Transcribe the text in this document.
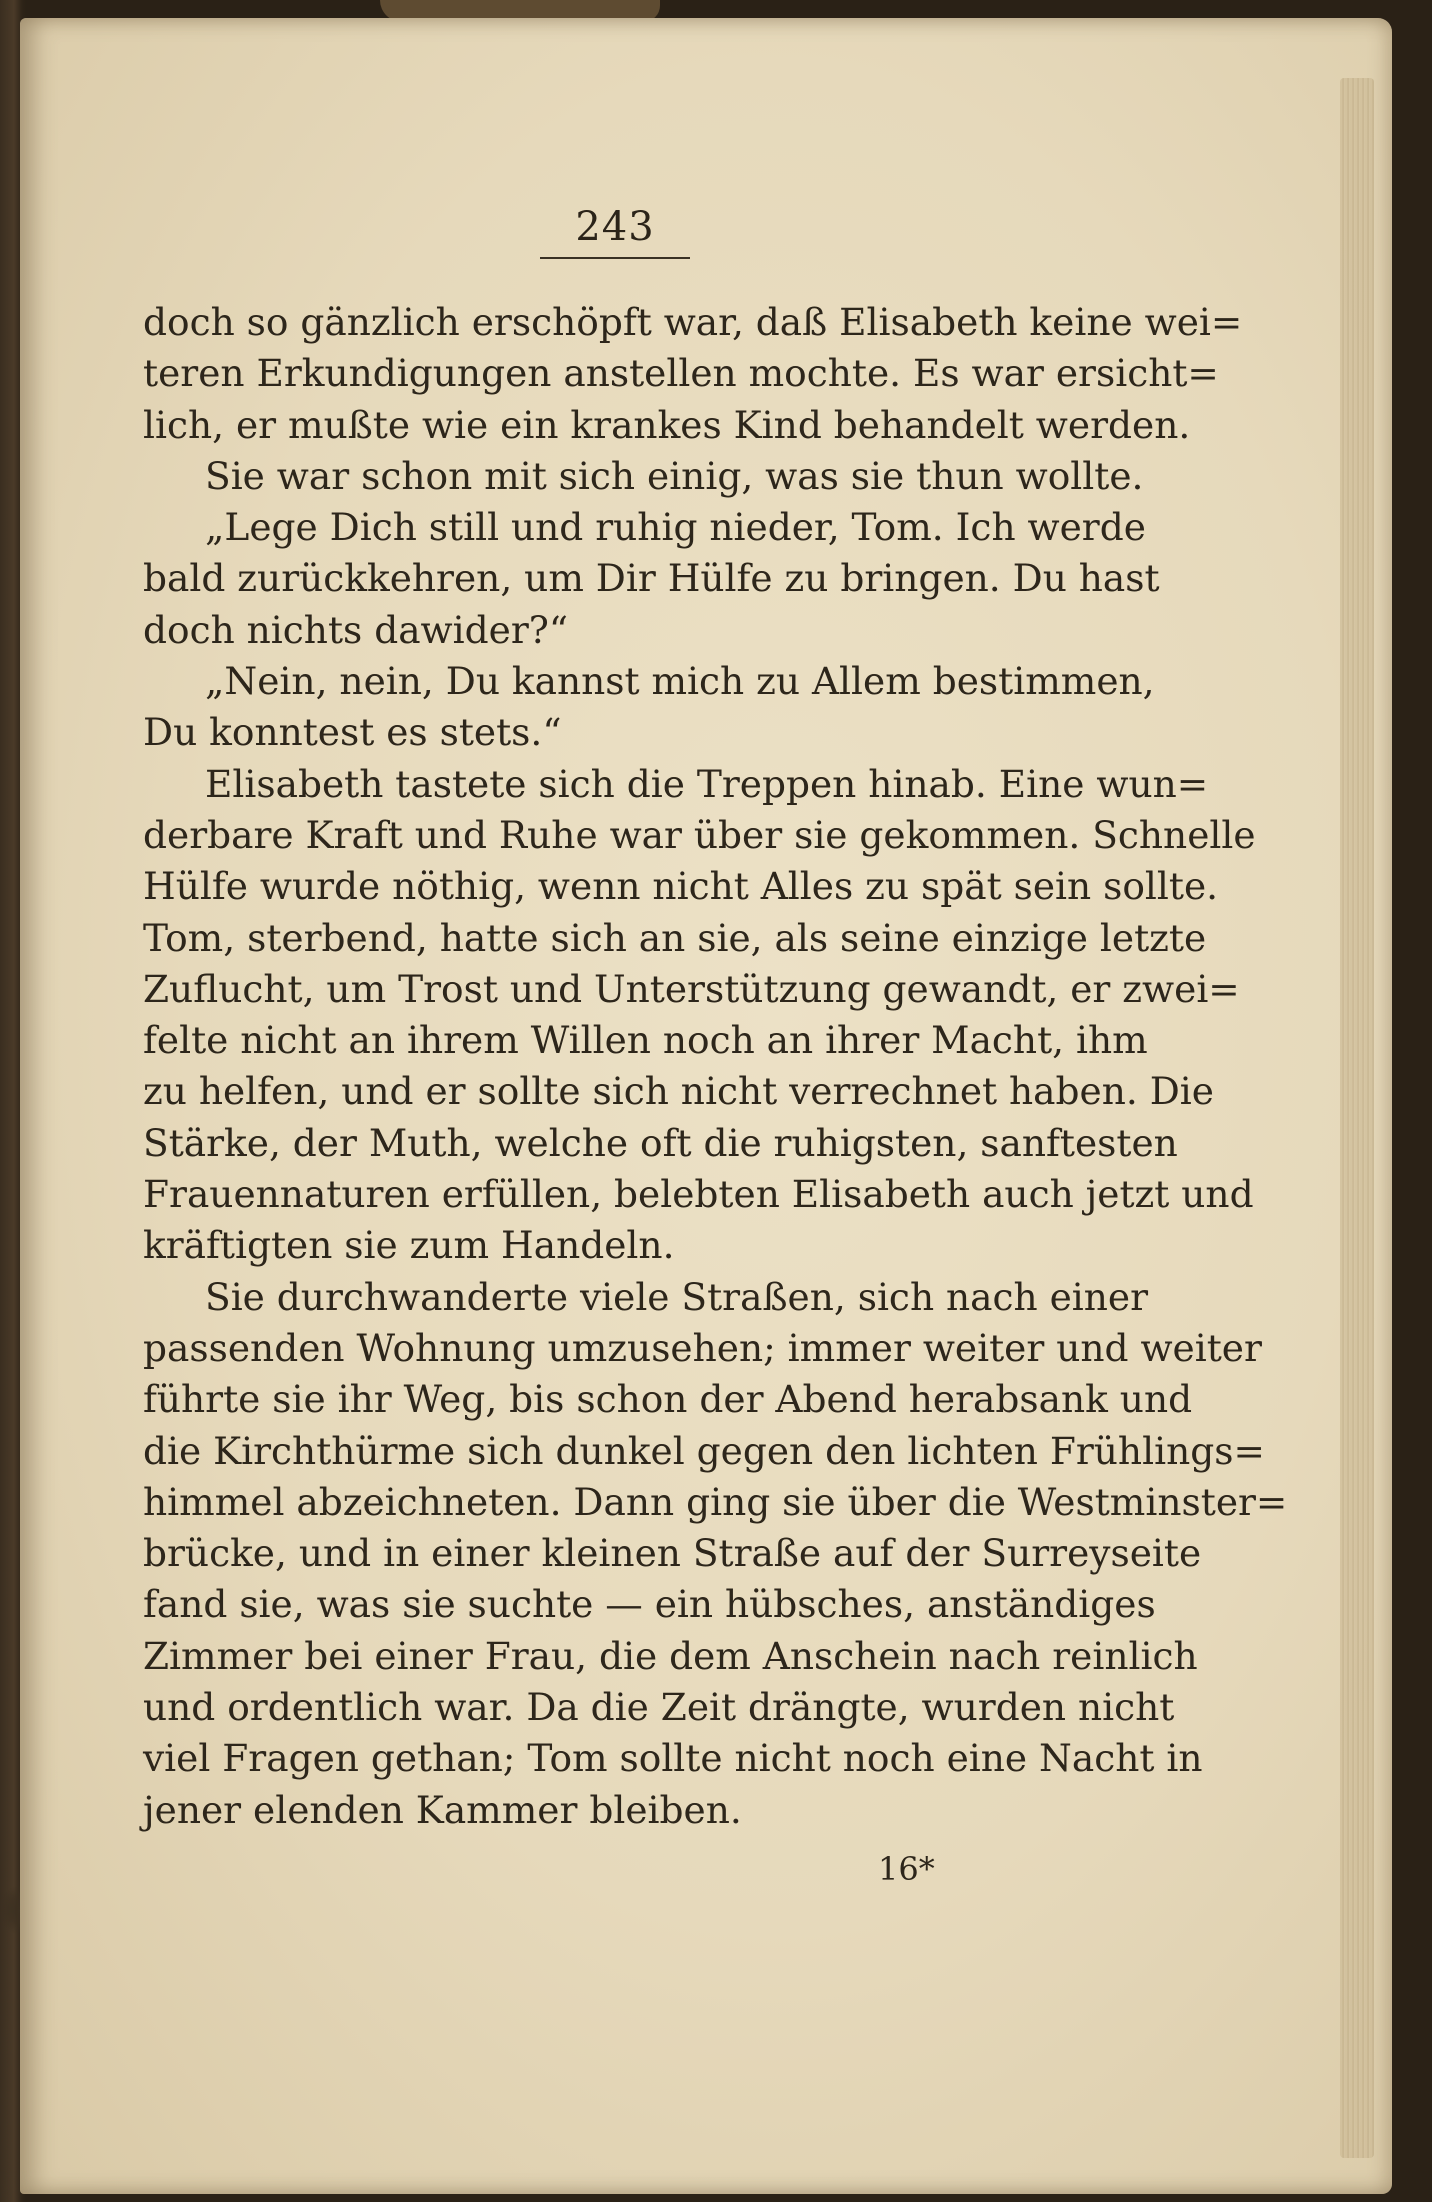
243
doch so gänzlich erschöpft war, daß Elisabeth keine wei=
teren Erkundigungen anstellen mochte. Es war ersicht=
lich, er mußte wie ein krankes Kind behandelt werden.
Sie war schon mit sich einig, was sie thun wollte.
„Lege Dich still und ruhig nieder, Tom. Ich werde
bald zurückkehren, um Dir Hülfe zu bringen. Du hast
doch nichts dawider?“
„Nein, nein, Du kannst mich zu Allem bestimmen,
Du konntest es stets.“
Elisabeth tastete sich die Treppen hinab. Eine wun=
derbare Kraft und Ruhe war über sie gekommen. Schnelle
Hülfe wurde nöthig, wenn nicht Alles zu spät sein sollte.
Tom, sterbend, hatte sich an sie, als seine einzige letzte
Zuflucht, um Trost und Unterstützung gewandt, er zwei=
felte nicht an ihrem Willen noch an ihrer Macht, ihm
zu helfen, und er sollte sich nicht verrechnet haben. Die
Stärke, der Muth, welche oft die ruhigsten, sanftesten
Frauennaturen erfüllen, belebten Elisabeth auch jetzt und
kräftigten sie zum Handeln.
Sie durchwanderte viele Straßen, sich nach einer
passenden Wohnung umzusehen; immer weiter und weiter
führte sie ihr Weg, bis schon der Abend herabsank und
die Kirchthürme sich dunkel gegen den lichten Frühlings=
himmel abzeichneten. Dann ging sie über die Westminster=
brücke, und in einer kleinen Straße auf der Surreyseite
fand sie, was sie suchte — ein hübsches, anständiges
Zimmer bei einer Frau, die dem Anschein nach reinlich
und ordentlich war. Da die Zeit drängte, wurden nicht
viel Fragen gethan; Tom sollte nicht noch eine Nacht in
jener elenden Kammer bleiben.
16*
